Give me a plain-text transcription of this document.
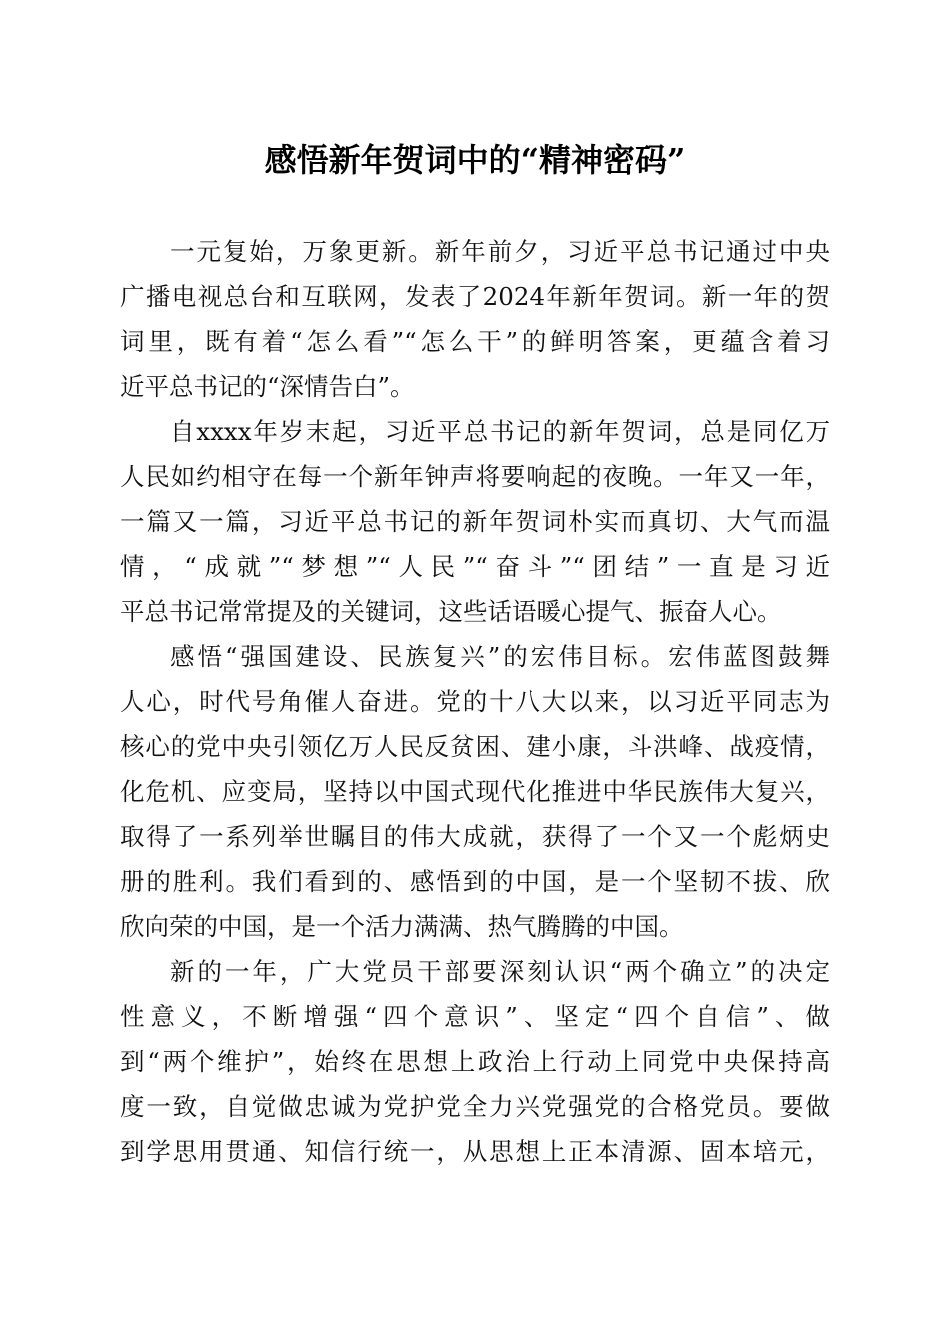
感悟新年贺词中的“精神密码”
一元复始，万象更新。新年前夕，习近平总书记通过中央
广播电视总台和互联网，发表了2024年新年贺词。新一年的贺
词里，既有着“怎么看”“怎么干”的鲜明答案，更蕴含着习
近平总书记的“深情告白”。
自xxxx年岁末起，习近平总书记的新年贺词，总是同亿万
人民如约相守在每一个新年钟声将要响起的夜晚。一年又一年，
一篇又一篇，习近平总书记的新年贺词朴实而真切、大气而温
情，“成就”“梦想”“人民”“奋斗”“团结”一直是习近
平总书记常常提及的关键词，这些话语暖心提气、振奋人心。
感悟“强国建设、民族复兴”的宏伟目标。宏伟蓝图鼓舞
人心，时代号角催人奋进。党的十八大以来，以习近平同志为
核心的党中央引领亿万人民反贫困、建小康，斗洪峰、战疫情，
化危机、应变局，坚持以中国式现代化推进中华民族伟大复兴，
取得了一系列举世瞩目的伟大成就，获得了一个又一个彪炳史
册的胜利。我们看到的、感悟到的中国，是一个坚韧不拔、欣
欣向荣的中国，是一个活力满满、热气腾腾的中国。
新的一年，广大党员干部要深刻认识“两个确立”的决定
性意义，不断增强“四个意识”、坚定“四个自信”、做
到“两个维护”，始终在思想上政治上行动上同党中央保持高
度一致，自觉做忠诚为党护党全力兴党强党的合格党员。要做
到学思用贯通、知信行统一，从思想上正本清源、固本培元，
